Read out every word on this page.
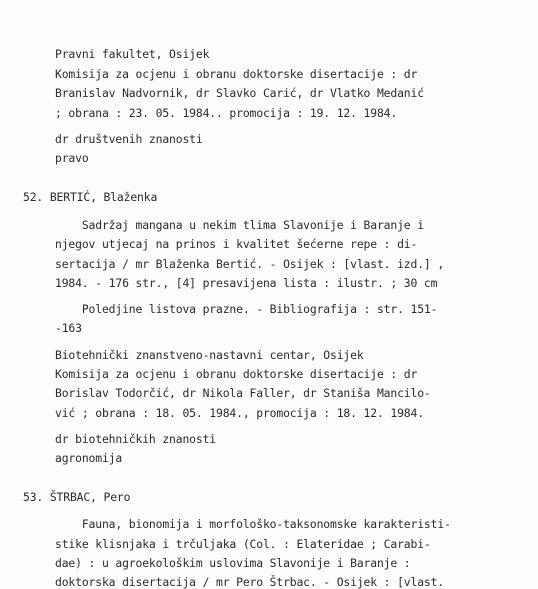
Pravni fakultet, Osijek
Komisija za ocjenu i obranu doktorske disertacije : dr
Branislav Nadvornik, dr Slavko Carić, dr Vlatko Medanić
; obrana : 23. 05. 1984.. promocija : 19. 12. 1984.
dr društvenih znanosti
pravo
52. BERTIĆ, Blaženka
Sadržaj mangana u nekim tlima Slavonije i Baranje i
njegov utjecaj na prinos i kvalitet šećerne repe : di-
sertacija / mr Blaženka Bertić. - Osijek : [vlast. izd.] ,
1984. - 176 str., [4] presavijena lista : ilustr. ; 30 cm
Poledjine listova prazne. - Bibliografija : str. 151-
-163
Biotehnički znanstveno-nastavni centar, Osijek
Komisija za ocjenu i obranu doktorske disertacije : dr
Borislav Todorčić, dr Nikola Faller, dr Staniša Mancilo-
vić ; obrana : 18. 05. 1984., promocija : 18. 12. 1984.
dr biotehničkih znanosti
agronomija
53. ŠTRBAC, Pero
Fauna, bionomija i morfološko-taksonomske karakteristi-
stike klisnjaka i trčuljaka (Col. : Elateridae ; Carabi-
dae) : u agroekološkim uslovima Slavonije i Baranje :
doktorska disertacija / mr Pero Štrbac. - Osijek : [vlast.
